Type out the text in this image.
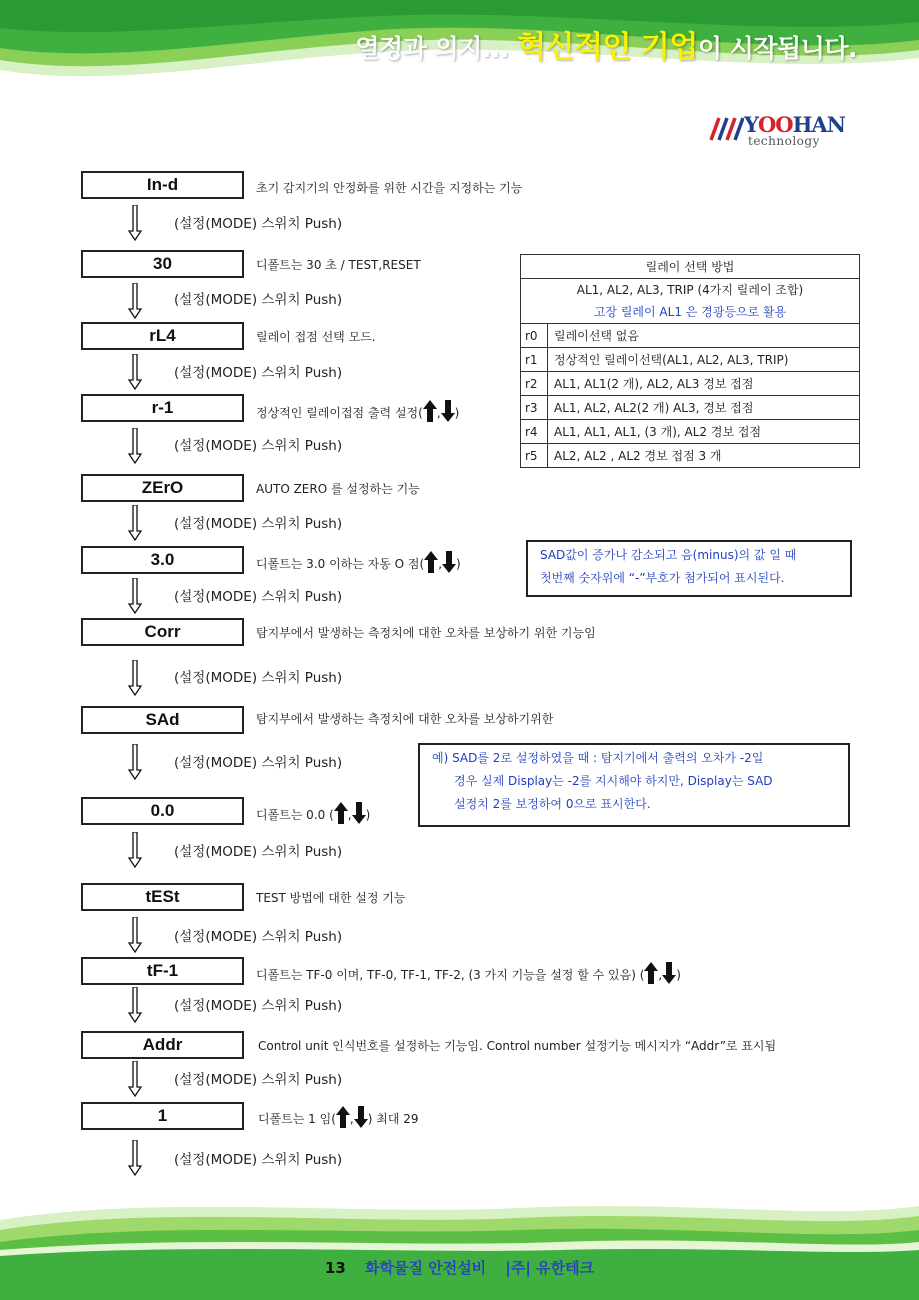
열정과 의지... 혁신적인 기업이 시작됩니다.
YOOHAN
technology
In-d	초기 감지기의 안정화를 위한 시간을 지정하는 기능
(설정(MODE) 스위치 Push)
30	디폴트는 30 초 / TEST,RESET
(설정(MODE) 스위치 Push)
rL4	릴레이 접점 선택 모드.
(설정(MODE) 스위치 Push)
r-1	정상적인 릴레이접점 출력 설정( , )
(설정(MODE) 스위치 Push)
ZErO	AUTO ZERO 를 설정하는 기능
(설정(MODE) 스위치 Push)
3.0	디폴트는 3.0 이하는 자동 O 점( , )
(설정(MODE) 스위치 Push)
Corr	탐지부에서 발생하는 측정치에 대한 오차를 보상하기 위한 기능임
(설정(MODE) 스위치 Push)
SAd	탐지부에서 발생하는 측정치에 대한 오차를 보상하기위한
(설정(MODE) 스위치 Push)
0.0	디폴트는 0.0 ( , )
(설정(MODE) 스위치 Push)
tESt	TEST 방법에 대한 설정 기능
(설정(MODE) 스위치 Push)
tF-1	디폴트는 TF-0 이며, TF-0, TF-1, TF-2, (3 가지 기능을 설정 할 수 있음) ( , )
(설정(MODE) 스위치 Push)
Addr	Control unit 인식번호를 설정하는 기능임. Control number 설정기능 메시지가 “Addr”로 표시됨
(설정(MODE) 스위치 Push)
1	디폴트는 1 임( , ) 최대 29
(설정(MODE) 스위치 Push)
릴레이 선택 방법	

AL1, AL2, AL3, TRIP (4가지 릴레이 조합)
고장 릴레이 AL1 은 경광등으로 활용	

r0	릴레이선택 없음
r1	정상적인 릴레이선택(AL1, AL2, AL3, TRIP)
r2	AL1, AL1(2 개), AL2, AL3 경보 접점
r3	AL1, AL2, AL2(2 개) AL3, 경보 접점
r4	AL1, AL1, AL1, (3 개), AL2 경보 접점
r5	AL2, AL2 , AL2 경보 접점 3 개
SAD값이 증가나 감소되고 음(minus)의 값 일 때
첫번째 숫자위에 “-”부호가 첨가되어 표시된다.
예) SAD를 2로 설정하였을 때 : 탐지기에서 출력의 오차가 -2일
경우 실제 Display는 -2를 지시해야 하지만, Display는 SAD
설정치 2를 보정하여 0으로 표시한다.
13 화학물질 안전설비 |주| 유한테크
